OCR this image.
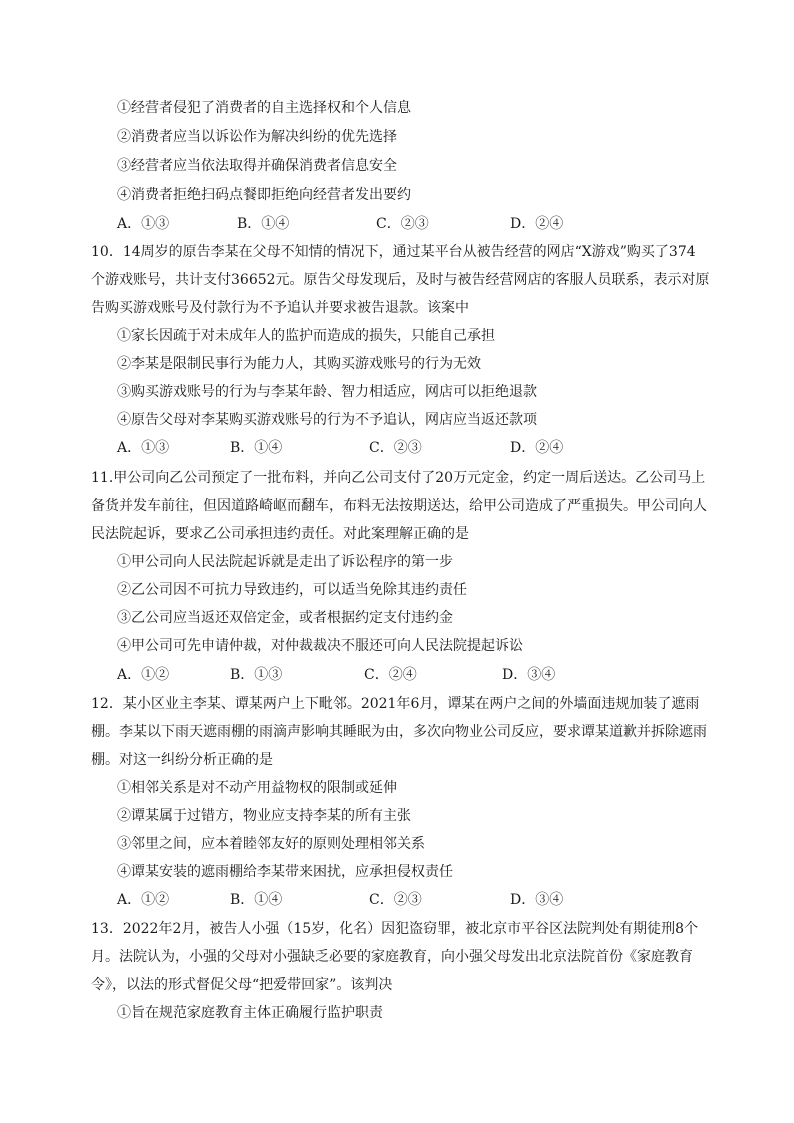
①经营者侵犯了消费者的自主选择权和个人信息
②消费者应当以诉讼作为解决纠纷的优先选择
③经营者应当依法取得并确保消费者信息安全
④消费者拒绝扫码点餐即拒绝向经营者发出要约
A．①③	B．①④	C．②③	D．②④
10．14周岁的原告李某在父母不知情的情况下，通过某平台从被告经营的网店“X游戏”购买了374
个游戏账号，共计支付36652元。原告父母发现后，及时与被告经营网店的客服人员联系，表示对原
告购买游戏账号及付款行为不予追认并要求被告退款。该案中
①家长因疏于对未成年人的监护而造成的损失，只能自己承担
②李某是限制民事行为能力人，其购买游戏账号的行为无效
③购买游戏账号的行为与李某年龄、智力相适应，网店可以拒绝退款
④原告父母对李某购买游戏账号的行为不予追认，网店应当返还款项
A．①③	B．①④	C．②③	D．②④
11.甲公司向乙公司预定了一批布料，并向乙公司支付了20万元定金，约定一周后送达。乙公司马上
备货并发车前往，但因道路崎岖而翻车，布料无法按期送达，给甲公司造成了严重损失。甲公司向人
民法院起诉，要求乙公司承担违约责任。对此案理解正确的是
①甲公司向人民法院起诉就是走出了诉讼程序的第一步
②乙公司因不可抗力导致违约，可以适当免除其违约责任
③乙公司应当返还双倍定金，或者根据约定支付违约金
④甲公司可先申请仲裁，对仲裁裁决不服还可向人民法院提起诉讼
A．①②	B．①③	C．②④	D．③④
12．某小区业主李某、谭某两户上下毗邻。2021年6月，谭某在两户之间的外墙面违规加装了遮雨
棚。李某以下雨天遮雨棚的雨滴声影响其睡眠为由，多次向物业公司反应，要求谭某道歉并拆除遮雨
棚。对这一纠纷分析正确的是
①相邻关系是对不动产用益物权的限制或延伸
②谭某属于过错方，物业应支持李某的所有主张
③邻里之间，应本着睦邻友好的原则处理相邻关系
④谭某安装的遮雨棚给李某带来困扰，应承担侵权责任
A．①②	B．①④	C．②③	D．③④
13．2022年2月，被告人小强（15岁，化名）因犯盗窃罪，被北京市平谷区法院判处有期徒刑8个
月。法院认为，小强的父母对小强缺乏必要的家庭教育，向小强父母发出北京法院首份《家庭教育
令》，以法的形式督促父母“把爱带回家”。该判决
①旨在规范家庭教育主体正确履行监护职责
